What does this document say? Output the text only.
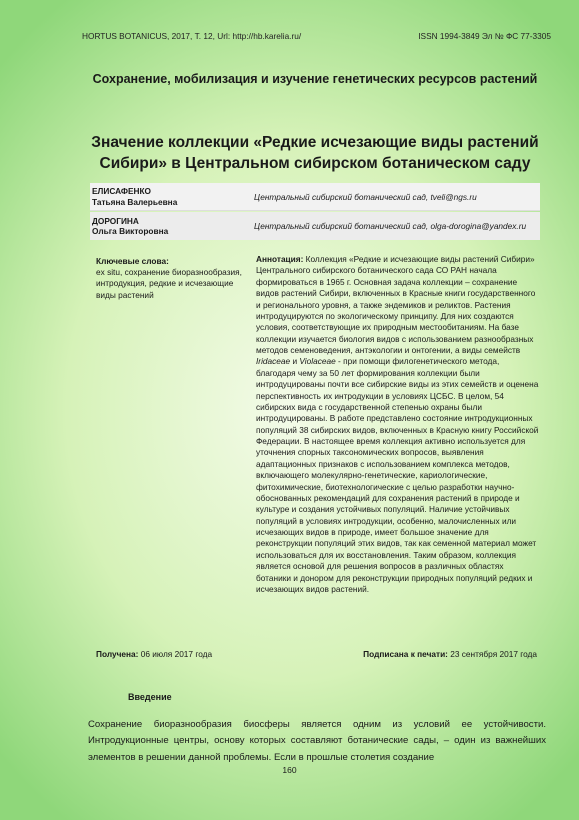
HORTUS BOTANICUS, 2017, Т. 12, Url: http://hb.karelia.ru/	ISSN 1994-3849 Эл № ФС 77-3305
Сохранение, мобилизация и изучение генетических ресурсов растений
Значение коллекции «Редкие исчезающие виды растений Сибири» в Центральном сибирском ботаническом саду
ЕЛИСАФЕНКО
Татьяна Валерьевна	Центральный сибирский ботанический сад, tveli@ngs.ru
ДОРОГИНА
Ольга Викторовна	Центральный сибирский ботанический сад, olga-dorogina@yandex.ru
Ключевые слова:
ex situ, сохранение биоразнообразия, интродукция, редкие и исчезающие виды растений
Аннотация: Коллекция «Редкие и исчезающие виды растений Сибири» Центрального сибирского ботанического сада СО РАН начала формироваться в 1965 г. Основная задача коллекции – сохранение видов растений Сибири, включенных в Красные книги государственного и регионального уровня, а также эндемиков и реликтов. Растения интродуцируются по экологическому принципу. Для них создаются условия, соответствующие их природным местообитаниям. На базе коллекции изучается биология видов с использованием разнообразных методов семеноведения, антэкологии и онтогении, а виды семейств Iridaceae и Violaceae - при помощи филогенетического метода, благодаря чему за 50 лет формирования коллекции были интродуцированы почти все сибирские виды из этих семейств и оценена перспективность их интродукции в условиях ЦСБС. В целом, 54 сибирских вида с государственной степенью охраны были интродуцированы. В работе представлено состояние интродукционных популяций 38 сибирских видов, включенных в Красную книгу Российской Федерации. В настоящее время коллекция активно используется для уточнения спорных таксономических вопросов, выявления адаптационных признаков с использованием комплекса методов, включающего молекулярно-генетические, кариологические, фитохимические, биотехнологические с целью разработки научно-обоснованных рекомендаций для сохранения растений в природе и культуре и создания устойчивых популяций. Наличие устойчивых популяций в условиях интродукции, особенно, малочисленных или исчезающих видов в природе, имеет большое значение для реконструкции популяций этих видов, так как семенной материал может использоваться для их восстановления. Таким образом, коллекция является основой для решения вопросов в различных областях ботаники и донором для реконструкции природных популяций редких и исчезающих видов растений.
Получена: 06 июля 2017 года	Подписана к печати: 23 сентября 2017 года
Введение
Сохранение биоразнообразия биосферы является одним из условий ее устойчивости. Интродукционные центры, основу которых составляют ботанические сады, – один из важнейших элементов в решении данной проблемы. Если в прошлые столетия создание
160
